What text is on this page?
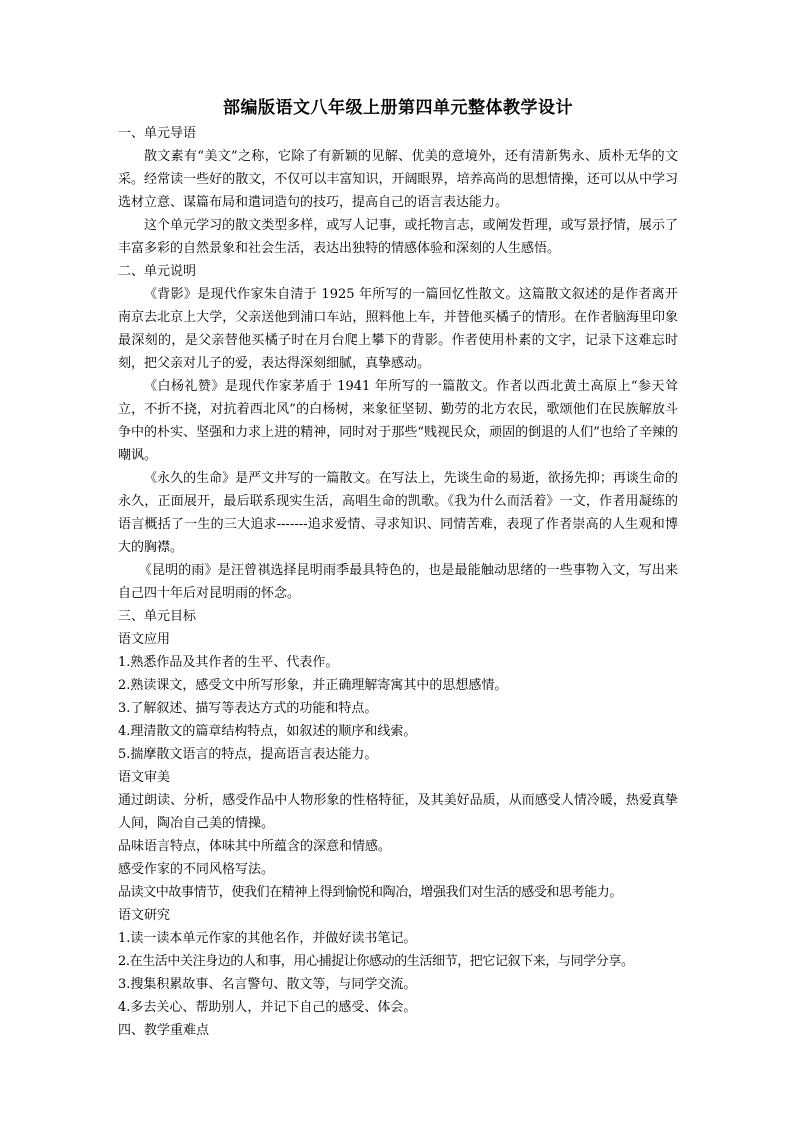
部编版语文八年级上册第四单元整体教学设计

一、单元导语

散文素有“美文”之称，它除了有新颖的见解、优美的意境外，还有清新隽永、质朴无华的文采。经常读一些好的散文，不仅可以丰富知识，开阔眼界，培养高尚的思想情操，还可以从中学习选材立意、谋篇布局和遣词造句的技巧，提高自己的语言表达能力。

这个单元学习的散文类型多样，或写人记事，或托物言志，或阐发哲理，或写景抒情，展示了丰富多彩的自然景象和社会生活，表达出独特的情感体验和深刻的人生感悟。

二、单元说明

《背影》是现代作家朱自清于 1925 年所写的一篇回忆性散文。这篇散文叙述的是作者离开南京去北京上大学，父亲送他到浦口车站，照料他上车，并替他买橘子的情形。在作者脑海里印象最深刻的，是父亲替他买橘子时在月台爬上攀下的背影。作者使用朴素的文字，记录下这难忘时刻，把父亲对儿子的爱，表达得深刻细腻，真挚感动。

《白杨礼赞》是现代作家茅盾于 1941 年所写的一篇散文。作者以西北黄土高原上“参天耸立，不折不挠，对抗着西北风”的白杨树，来象征坚韧、勤劳的北方农民，歌颂他们在民族解放斗争中的朴实、坚强和力求上进的精神，同时对于那些“贱视民众，顽固的倒退的人们”也给了辛辣的嘲讽。

《永久的生命》是严文井写的一篇散文。在写法上，先谈生命的易逝，欲扬先抑；再谈生命的永久，正面展开，最后联系现实生活，高唱生命的凯歌。《我为什么而活着》一文，作者用凝练的语言概括了一生的三大追求-------追求爱情、寻求知识、同情苦难，表现了作者崇高的人生观和博大的胸襟。

《昆明的雨》是汪曾祺选择昆明雨季最具特色的，也是最能触动思绪的一些事物入文，写出来自己四十年后对昆明雨的怀念。

三、单元目标

语文应用

1.熟悉作品及其作者的生平、代表作。

2.熟读课文，感受文中所写形象，并正确理解寄寓其中的思想感情。

3.了解叙述、描写等表达方式的功能和特点。

4.理清散文的篇章结构特点，如叙述的顺序和线索。

5.揣摩散文语言的特点，提高语言表达能力。

语文审美

通过朗读、分析，感受作品中人物形象的性格特征，及其美好品质，从而感受人情冷暖，热爱真挚人间，陶冶自己美的情操。

品味语言特点，体味其中所蕴含的深意和情感。

感受作家的不同风格写法。

品读文中故事情节，使我们在精神上得到愉悦和陶冶，增强我们对生活的感受和思考能力。

语文研究

1.读一读本单元作家的其他名作，并做好读书笔记。

2.在生活中关注身边的人和事，用心捕捉让你感动的生活细节，把它记叙下来，与同学分享。

3.搜集积累故事、名言警句、散文等，与同学交流。

4.多去关心、帮助别人，并记下自己的感受、体会。

四、教学重难点
